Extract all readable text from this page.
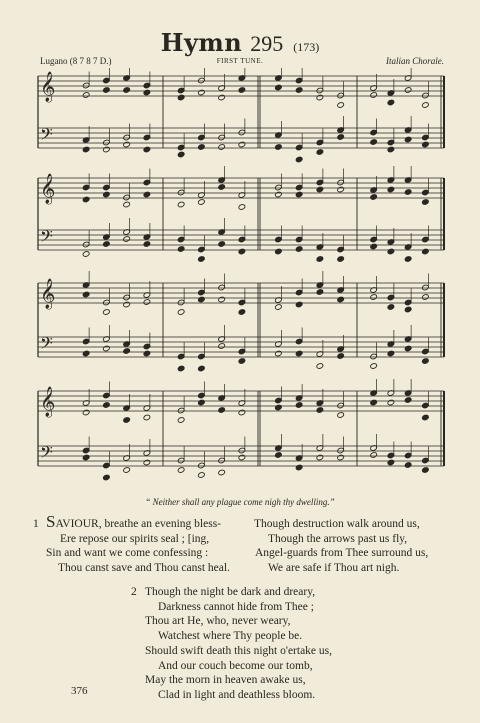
Hymn 295 (173)
Lugano (8 7 8 7 D.)	FIRST TUNE.	Italian Chorale.
𝄞
𝄢
𝄞
𝄢
𝄞
𝄢
𝄞
𝄢
“ Neither shall any plague come nigh thy dwelling.”
1 SAVIOUR, breathe an evening bless-
Ere repose our spirits seal ; [ing,
Sin and want we come confessing :
Thou canst save and Thou canst heal.
Though destruction walk around us,
Though the arrows past us fly,
Angel-guards from Thee surround us,
We are safe if Thou art nigh.
2 Though the night be dark and dreary,
Darkness cannot hide from Thee ;
Thou art He, who, never weary,
Watchest where Thy people be.
Should swift death this night o'ertake us,
And our couch become our tomb,
May the morn in heaven awake us,
Clad in light and deathless bloom.
376
